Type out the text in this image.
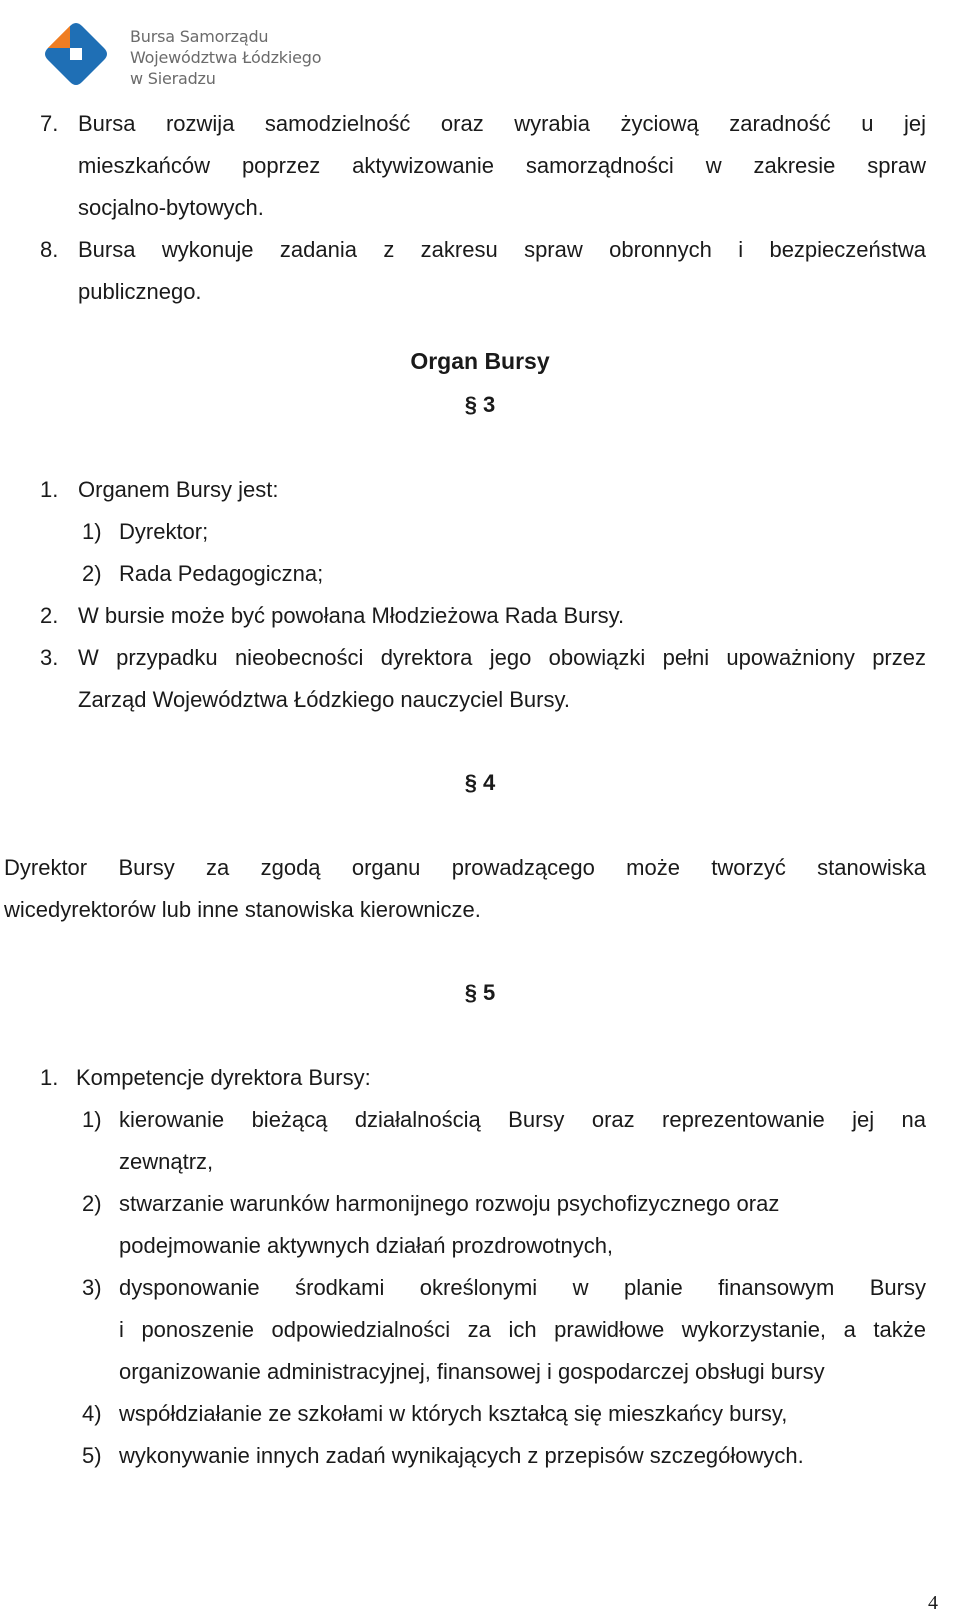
Bursa Samorządu
Województwa Łódzkiego
w Sieradzu
7. Bursa rozwija samodzielność oraz wyrabia życiową zaradność u jej
mieszkańców poprzez aktywizowanie samorządności w zakresie spraw
socjalno-bytowych.
8. Bursa wykonuje zadania z zakresu spraw obronnych i bezpieczeństwa
publicznego.
Organ Bursy
§ 3
1. Organem Bursy jest:
1) Dyrektor;
2) Rada Pedagogiczna;
2. W bursie może być powołana Młodzieżowa Rada Bursy.
3. W przypadku nieobecności dyrektora jego obowiązki pełni upoważniony przez
Zarząd Województwa Łódzkiego nauczyciel Bursy.
§ 4
Dyrektor Bursy za zgodą organu prowadzącego może tworzyć stanowiska
wicedyrektorów lub inne stanowiska kierownicze.
§ 5
1. Kompetencje dyrektora Bursy:
1) kierowanie bieżącą działalnością Bursy oraz reprezentowanie jej na
zewnątrz,
2) stwarzanie warunków harmonijnego rozwoju psychofizycznego oraz
podejmowanie aktywnych działań prozdrowotnych,
3) dysponowanie środkami określonymi w planie finansowym Bursy
i ponoszenie odpowiedzialności za ich prawidłowe wykorzystanie, a także
organizowanie administracyjnej, finansowej i gospodarczej obsługi bursy
4) współdziałanie ze szkołami w których kształcą się mieszkańcy bursy,
5) wykonywanie innych zadań wynikających z przepisów szczegółowych.
4
